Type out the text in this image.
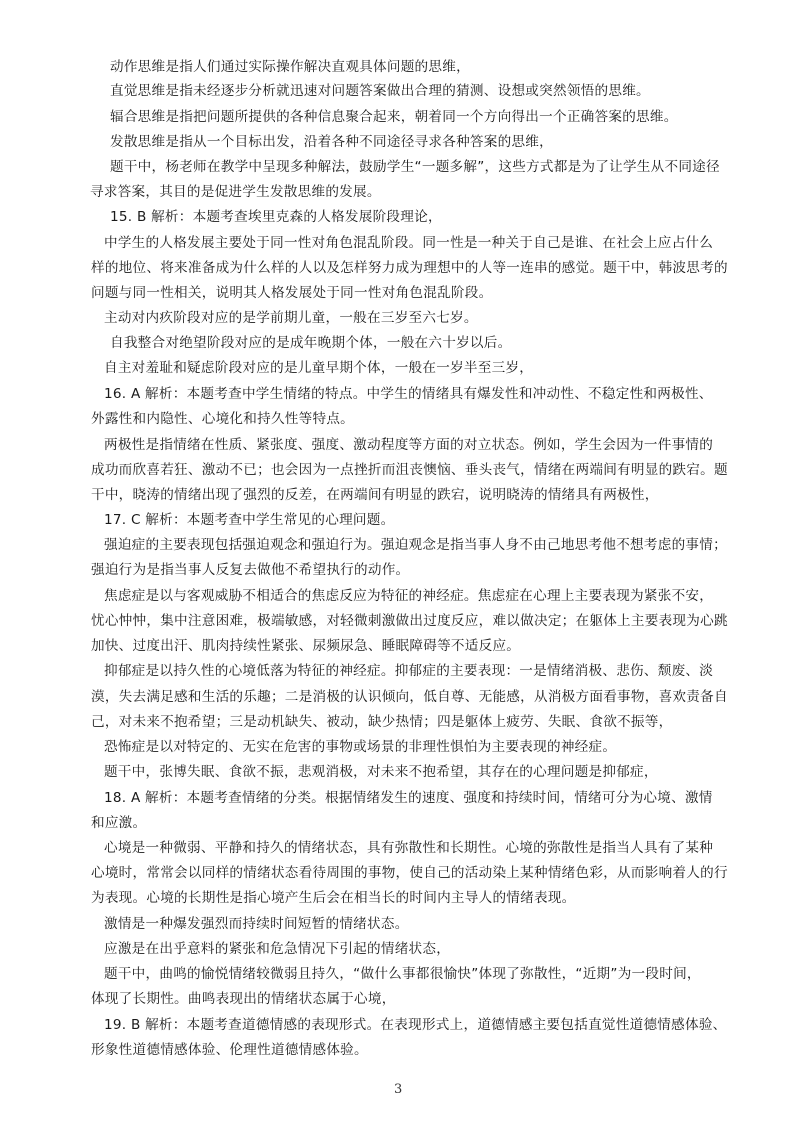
动作思维是指人们通过实际操作解决直观具体问题的思维，
直觉思维是指未经逐步分析就迅速对问题答案做出合理的猜测、设想或突然领悟的思维。
辐合思维是指把问题所提供的各种信息聚合起来，朝着同一个方向得出一个正确答案的思维。
发散思维是指从一个目标出发，沿着各种不同途径寻求各种答案的思维，
题干中，杨老师在教学中呈现多种解法，鼓励学生“一题多解”，这些方式都是为了让学生从不同途径
寻求答案，其目的是促进学生发散思维的发展。
15. B 解析：本题考查埃里克森的人格发展阶段理论，
中学生的人格发展主要处于同一性对角色混乱阶段。同一性是一种关于自己是谁、在社会上应占什么
样的地位、将来准备成为什么样的人以及怎样努力成为理想中的人等一连串的感觉。题干中，韩波思考的
问题与同一性相关，说明其人格发展处于同一性对角色混乱阶段。
主动对内疚阶段对应的是学前期儿童，一般在三岁至六七岁。
自我整合对绝望阶段对应的是成年晚期个体，一般在六十岁以后。
自主对羞耻和疑虑阶段对应的是儿童早期个体，一般在一岁半至三岁，
16. A 解析：本题考查中学生情绪的特点。中学生的情绪具有爆发性和冲动性、不稳定性和两极性、
外露性和内隐性、心境化和持久性等特点。
两极性是指情绪在性质、紧张度、强度、激动程度等方面的对立状态。例如，学生会因为一件事情的
成功而欣喜若狂、激动不已；也会因为一点挫折而沮丧懊恼、垂头丧气，情绪在两端间有明显的跌宕。题
干中，晓涛的情绪出现了强烈的反差，在两端间有明显的跌宕，说明晓涛的情绪具有两极性，
17. C 解析：本题考查中学生常见的心理问题。
强迫症的主要表现包括强迫观念和强迫行为。强迫观念是指当事人身不由己地思考他不想考虑的事情；
强迫行为是指当事人反复去做他不希望执行的动作。
焦虑症是以与客观威胁不相适合的焦虑反应为特征的神经症。焦虑症在心理上主要表现为紧张不安，
忧心忡忡，集中注意困难，极端敏感，对轻微刺激做出过度反应，难以做决定；在躯体上主要表现为心跳
加快、过度出汗、肌肉持续性紧张、尿频尿急、睡眠障碍等不适反应。
抑郁症是以持久性的心境低落为特征的神经症。抑郁症的主要表现：一是情绪消极、悲伤、颓废、淡
漠，失去满足感和生活的乐趣；二是消极的认识倾向，低自尊、无能感，从消极方面看事物，喜欢责备自
己，对未来不抱希望；三是动机缺失、被动，缺少热情；四是躯体上疲劳、失眠、食欲不振等，
恐怖症是以对特定的、无实在危害的事物或场景的非理性惧怕为主要表现的神经症。
题干中，张博失眠、食欲不振，悲观消极，对未来不抱希望，其存在的心理问题是抑郁症，
18. A 解析：本题考查情绪的分类。根据情绪发生的速度、强度和持续时间，情绪可分为心境、激情
和应激。
心境是一种微弱、平静和持久的情绪状态，具有弥散性和长期性。心境的弥散性是指当人具有了某种
心境时，常常会以同样的情绪状态看待周围的事物，使自己的活动染上某种情绪色彩，从而影响着人的行
为表现。心境的长期性是指心境产生后会在相当长的时间内主导人的情绪表现。
激情是一种爆发强烈而持续时间短暂的情绪状态。
应激是在出乎意料的紧张和危急情况下引起的情绪状态，
题干中，曲鸣的愉悦情绪较微弱且持久，“做什么事都很愉快”体现了弥散性，“近期”为一段时间，
体现了长期性。曲鸣表现出的情绪状态属于心境，
19. B 解析：本题考查道德情感的表现形式。在表现形式上，道德情感主要包括直觉性道德情感体验、
形象性道德情感体验、伦理性道德情感体验。
3
